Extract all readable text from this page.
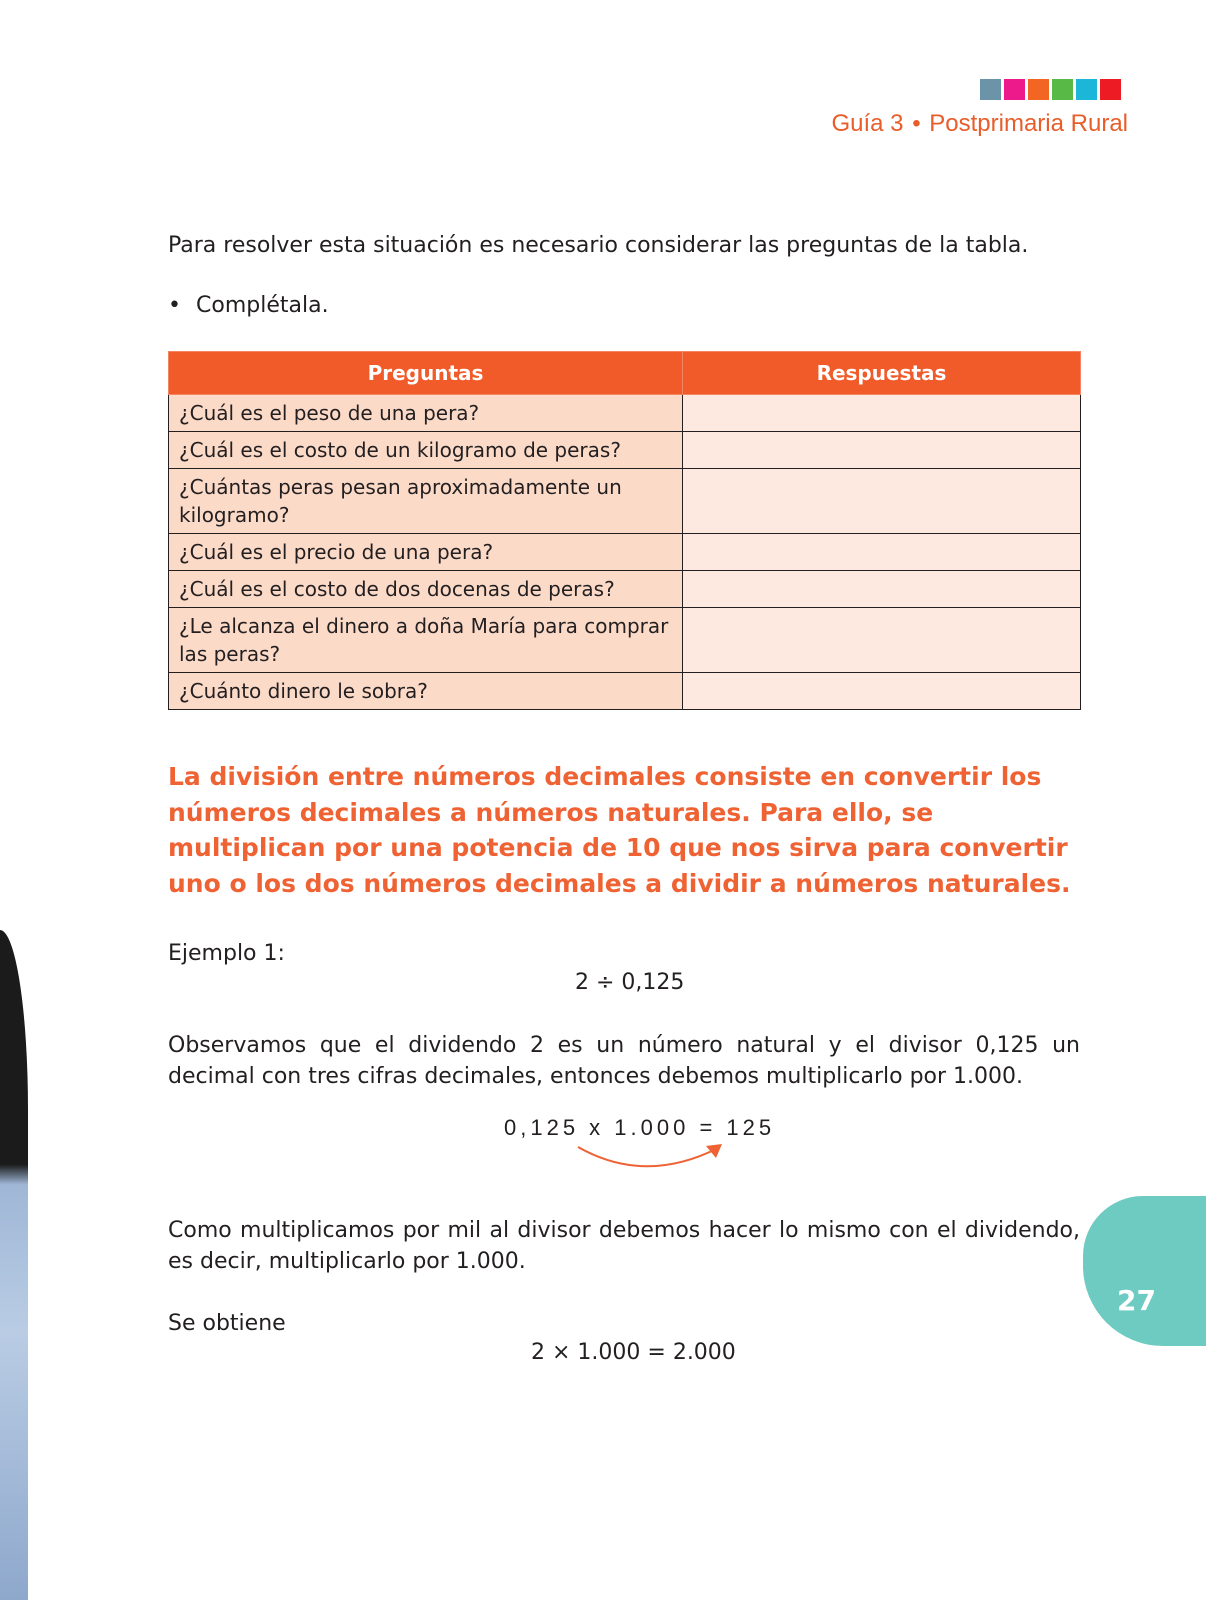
Guía 3 • Postprimaria Rural
Para resolver esta situación es necesario considerar las preguntas de la tabla.
• Complétala.
Preguntas	Respuestas
¿Cuál es el peso de una pera?	
¿Cuál es el costo de un kilogramo de peras?	
¿Cuántas peras pesan aproximadamente un kilogramo?	
¿Cuál es el precio de una pera?	
¿Cuál es el costo de dos docenas de peras?	
¿Le alcanza el dinero a doña María para comprar las peras?	
¿Cuánto dinero le sobra?	
La división entre números decimales consiste en convertir los números decimales a números naturales. Para ello, se multiplican por una potencia de 10 que nos sirva para convertir uno o los dos números decimales a dividir a números naturales.
Ejemplo 1:
2 ÷ 0,125
Observamos que el dividendo 2 es un número natural y el divisor 0,125 un decimal con tres cifras decimales, entonces debemos multiplicarlo por 1.000.
0,125 x 1.000 = 125
Como multiplicamos por mil al divisor debemos hacer lo mismo con el dividendo, es decir, multiplicarlo por 1.000.
Se obtiene
2 × 1.000 = 2.000
27
